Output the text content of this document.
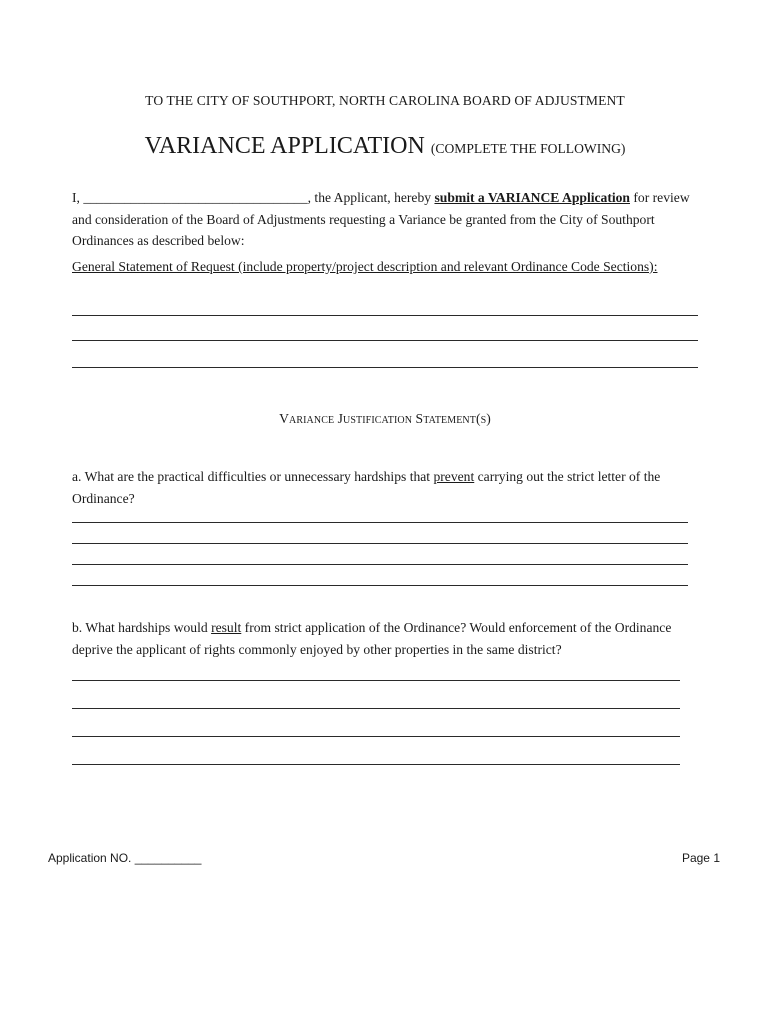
TO THE CITY OF SOUTHPORT, NORTH CAROLINA BOARD OF ADJUSTMENT
VARIANCE APPLICATION (COMPLETE THE FOLLOWING)
I, _________________________________, the Applicant, hereby submit a VARIANCE Application for review and consideration of the Board of Adjustments requesting a Variance be granted from the City of Southport Ordinances as described below:
General Statement of Request (include property/project description and relevant Ordinance Code Sections):
Variance Justification Statement(s)
a. What are the practical difficulties or unnecessary hardships that prevent carrying out the strict letter of the Ordinance?
b. What hardships would result from strict application of the Ordinance? Would enforcement of the Ordinance deprive the applicant of rights commonly enjoyed by other properties in the same district?
Application NO. __________	Page 1
